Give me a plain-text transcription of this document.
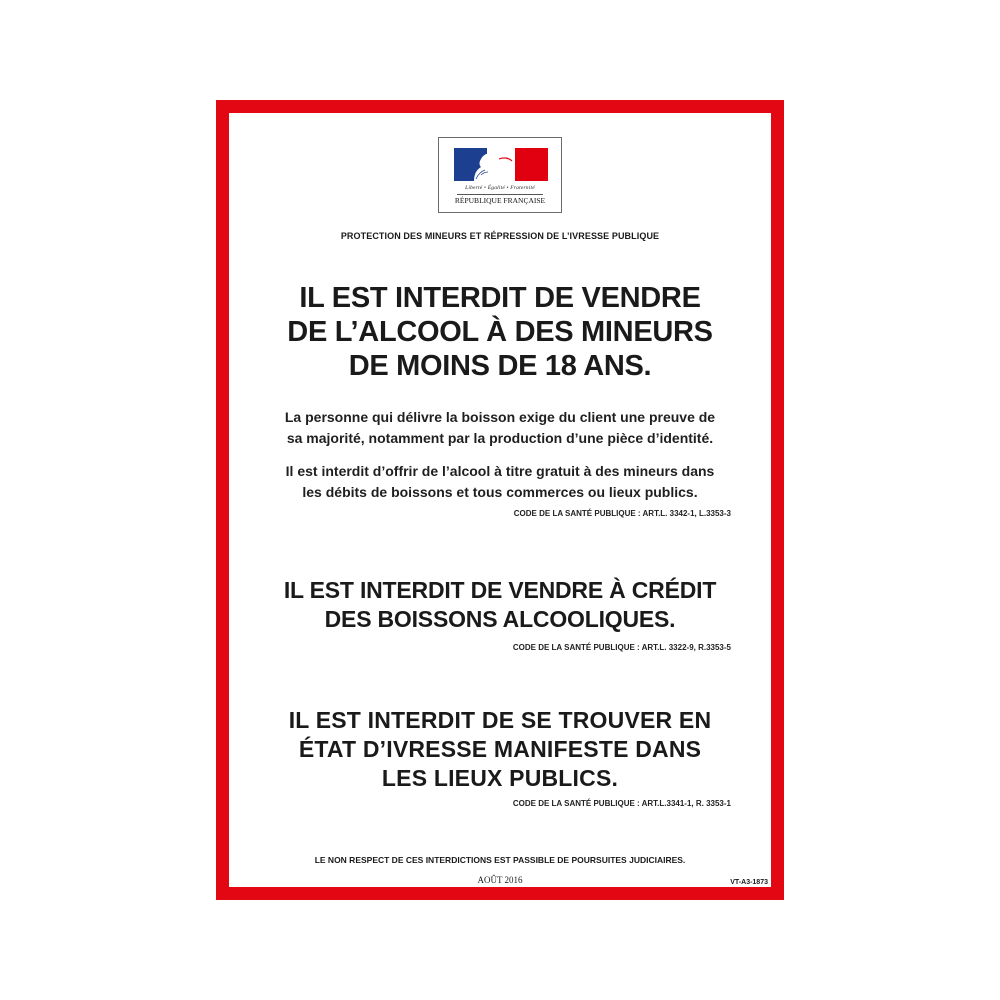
Liberté • Égalité • Fraternité
RÉPUBLIQUE FRANÇAISE
PROTECTION DES MINEURS ET RÉPRESSION DE L’IVRESSE PUBLIQUE
IL EST INTERDIT DE VENDRE
DE L’ALCOOL À DES MINEURS
DE MOINS DE 18 ANS.
La personne qui délivre la boisson exige du client une preuve de
sa majorité, notamment par la production d’une pièce d’identité.
Il est interdit d’offrir de l’alcool à titre gratuit à des mineurs dans
les débits de boissons et tous commerces ou lieux publics.
CODE DE LA SANTÉ PUBLIQUE : ART.L. 3342-1, L.3353-3
IL EST INTERDIT DE VENDRE À CRÉDIT
DES BOISSONS ALCOOLIQUES.
CODE DE LA SANTÉ PUBLIQUE : ART.L. 3322-9, R.3353-5
IL EST INTERDIT DE SE TROUVER EN
ÉTAT D’IVRESSE MANIFESTE DANS
LES LIEUX PUBLICS.
CODE DE LA SANTÉ PUBLIQUE : ART.L.3341-1, R. 3353-1
LE NON RESPECT DE CES INTERDICTIONS EST PASSIBLE DE POURSUITES JUDICIAIRES.
AOÛT 2016	VT-A3-1873
